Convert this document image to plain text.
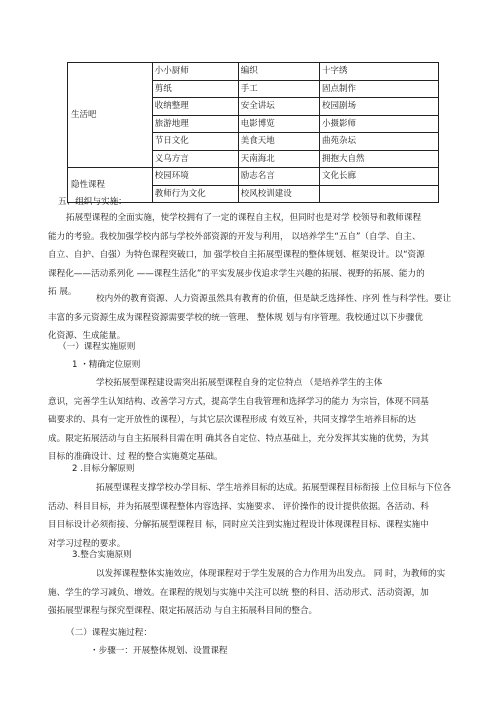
生活吧	小小厨师	编织	十字绣
	剪纸	手工	固点制作
	收纳整理	安全讲坛	校园剧场
	旅游地理	电影博览	小摄影师
	节日文化	美食天地	曲苑杂坛
	义乌方言	天南海北	拥抱大自然
隐性课程	校园环境	励志名言	文化长廊
	教师行为文化	校风校训建设	
五、组织与实施：
拓展型课程的全面实施，使学校拥有了一定的课程自主权，但同时也是对学 校领导和教师课程
能力的考验。我校加强学校内部与学校外部资源的开发与利用， 以培养学生“五自”（自学、自主、
自立、自护、自强）为特色课程突破口，加 强学校自主拓展型课程的整体规划、框架设计。以“资源
课程化——活动系列化 ——课程生活化”的平实发展步伐追求学生兴趣的拓展、视野的拓展、能力的
拓 展。
校内外的教育资源、人力资源虽然具有教育的价值，但是缺乏选择性、序列 性与科学性。要让
丰富的多元资源生成为课程资源需要学校的统一管理、 整体规 划与有序管理。我校通过以下步骤优
化资源、生成能量。
（一）课程实施原则
1 ・精确定位原则
学校拓展型课程建设需突出拓展型课程自身的定位特点 （是培养学生的主体
意识，完善学生认知结构、改善学习方式，提高学生自我管理和选择学习的能力 为宗旨，体现不同基
础要求的、具有一定开放性的课程），与其它层次课程形成 有效互补，共同支撑学生培养目标的达
成。限定拓展活动与自主拓展科目需在明 确其各自定位、特点基础上，充分发挥其实施的优势，为其
目标的准确设计、过 程的整合实施奠定基础。
2 .目标分解原则
拓展型课程支撑学校办学目标、学生培养目标的达成。拓展型课程目标衔接 上位目标与下位各
活动、科目目标，并为拓展型课程整体内容选择、实施要求、 评价操作的设计提供依据。各活动、科
目目标设计必须衔接、分解拓展型课程目 标，同时应关注到实施过程设计体现课程目标、课程实施中
对学习过程的要求。
3.整合实施原则
以发挥课程整体实施效应，体现课程对于学生发展的合力作用为出发点。 同 时，为教师的实
施、学生的学习减负、增效。在课程的规划与实施中关注可以统 整的科目、活动形式、活动资源，加
强拓展型课程与探究型课程、限定拓展活动 与自主拓展科目间的整合。
（二）课程实施过程：
・步骤一：开展整体规划、设置课程
